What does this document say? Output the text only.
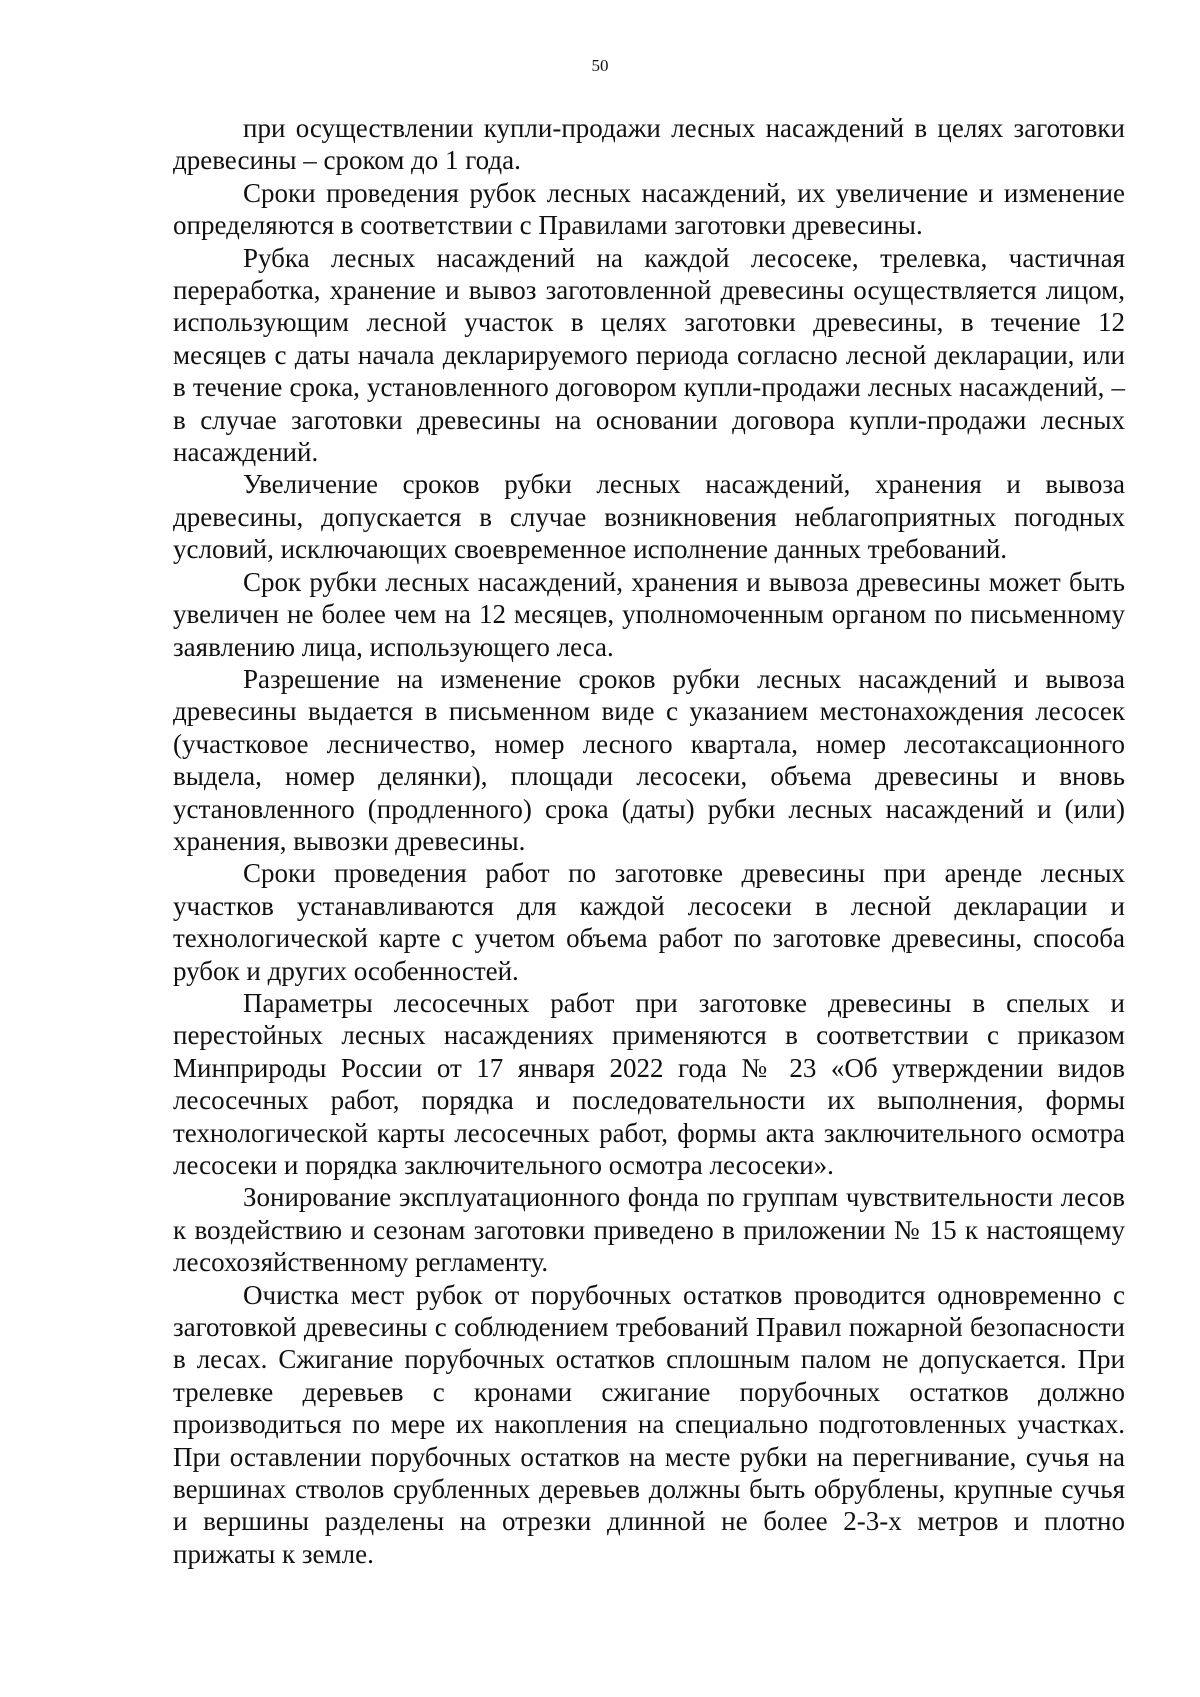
50

при осуществлении купли-продажи лесных насаждений в целях заготовки древесины – сроком до 1 года.

Сроки проведения рубок лесных насаждений, их увеличение и изменение определяются в соответствии с Правилами заготовки древесины.

Рубка лесных насаждений на каждой лесосеке, трелевка, частичная переработка, хранение и вывоз заготовленной древесины осуществляется лицом, использующим лесной участок в целях заготовки древесины, в течение 12 месяцев с даты начала декларируемого периода согласно лесной декларации, или в течение срока, установленного договором купли-продажи лесных насаждений, – в случае заготовки древесины на основании договора купли-продажи лесных насаждений.

Увеличение сроков рубки лесных насаждений, хранения и вывоза древесины, допускается в случае возникновения неблагоприятных погодных условий, исключающих своевременное исполнение данных требований.

Срок рубки лесных насаждений, хранения и вывоза древесины может быть увеличен не более чем на 12 месяцев, уполномоченным органом по письменному заявлению лица, использующего леса.

Разрешение на изменение сроков рубки лесных насаждений и вывоза древесины выдается в письменном виде с указанием местонахождения лесосек (участковое лесничество, номер лесного квартала, номер лесотаксационного выдела, номер делянки), площади лесосеки, объема древесины и вновь установленного (продленного) срока (даты) рубки лесных насаждений и (или) хранения, вывозки древесины.

Сроки проведения работ по заготовке древесины при аренде лесных участков устанавливаются для каждой лесосеки в лесной декларации и технологической карте с учетом объема работ по заготовке древесины, способа рубок и других особенностей.

Параметры лесосечных работ при заготовке древесины в спелых и перестойных лесных насаждениях применяются в соответствии с приказом Минприроды России от 17 января 2022 года № 23 «Об утверждении видов лесосечных работ, порядка и последовательности их выполнения, формы технологической карты лесосечных работ, формы акта заключительного осмотра лесосеки и порядка заключительного осмотра лесосеки».

Зонирование эксплуатационного фонда по группам чувствительности лесов к воздействию и сезонам заготовки приведено в приложении № 15 к настоящему лесохозяйственному регламенту.

Очистка мест рубок от порубочных остатков проводится одновременно с заготовкой древесины с соблюдением требований Правил пожарной безопасности в лесах. Сжигание порубочных остатков сплошным палом не допускается. При трелевке деревьев с кронами сжигание порубочных остатков должно производиться по мере их накопления на специально подготовленных участках. При оставлении порубочных остатков на месте рубки на перегнивание, сучья на вершинах стволов срубленных деревьев должны быть обрублены, крупные сучья и вершины разделены на отрезки длинной не более 2-3-х метров и плотно прижаты к земле.
